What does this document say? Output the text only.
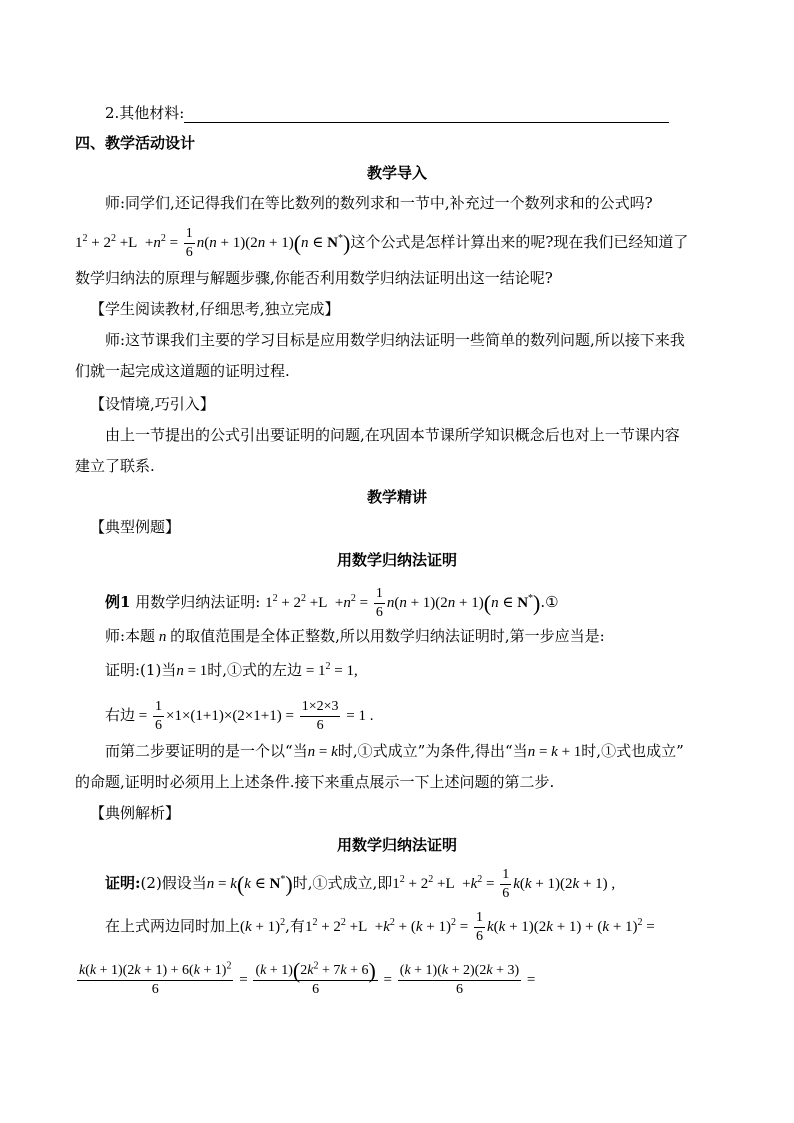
2.其他材料:
四、教学活动设计
教学导入
师:同学们,还记得我们在等比数列的数列求和一节中,补充过一个数列求和的公式吗?
$1^2 + 2^2 +L +n^2 = \frac{1}{6} n(n + 1)(2n + 1)(n$ ∈ N*)这个公式是怎样计算出来的呢?现在我们已经知道了
数学归纳法的原理与解题步骤,你能否利用数学归纳法证明出这一结论呢?
【学生阅读教材,仔细思考,独立完成】
师:这节课我们主要的学习目标是应用数学归纳法证明一些简单的数列问题,所以接下来我
们就一起完成这道题的证明过程.
【设情境,巧引入】
由上一节提出的公式引出要证明的问题,在巩固本节课所学知识概念后也对上一节课内容
建立了联系.
教学精讲
【典型例题】
用数学归纳法证明
例1 用数学归纳法证明: $1^2 + 2^2 +L +n^2 = \frac{1}{6} n(n + 1)(2n + 1)(n$ ∈ N*).①
师:本题 n 的取值范围是全体正整数,所以用数学归纳法证明时,第一步应当是:
证明:(1)当n = 1时,①式的左边 = $1^2 = 1$,
右边 = $\frac{1}{6} \times 1\times(1+1)\times(2\times 1+1) = \frac{1\times 2\times 3}{6} = 1$ .
而第二步要证明的是一个以“当n = k时,①式成立”为条件,得出“当n = k + 1时,①式也成立”
的命题,证明时必须用上上述条件.接下来重点展示一下上述问题的第二步.
【典例解析】
用数学归纳法证明
证明:(2)假设当n = k(k ∈ N*)时,①式成立,即$1^2 + 2^2 +L +k^2 = \frac{1}{6} k(k + 1)(2k + 1)$ ,
在上式两边同时加上$(k + 1)^2$,有$1^2 + 2^2 +L +k^2 + (k + 1)^2 = \frac{1}{6} k(k + 1)(2k + 1) + (k + 1)^2$ =
$\frac{k(k + 1)(2k + 1) + 6(k + 1)^2}{6} = \frac{(k + 1)(2k^2 + 7k + 6)}{6} = \frac{(k + 1)(k + 2)(2k + 3)}{6}$ =
